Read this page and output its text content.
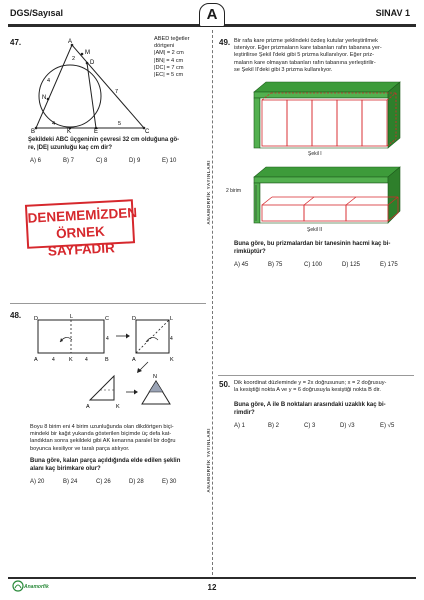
DGS/Sayısal	A	SINAV 1
ANAMORFİK YAYINLARI
ANAMORFİK YAYINLARI
47.	A
M
D
N
B	K	E	C
2
4
4
7
5
ABED teğetler
dörtgeni
|AM| = 2 cm
|BN| = 4 cm
|DC| = 7 cm
|EC| = 5 cm
Şekildeki ABC üçgeninin çevresi 32 cm olduğuna gö-
re, |DE| uzunluğu kaç cm dir?
A) 6	B) 7	C) 8	D) 9	E) 10
DENEMEMİZDEN
ÖRNEK SAYFADIR
48. D	L	C
A	K	B
4
4	4
D	L
A	K
4
A	K
N
Boyu 8 birim eni 4 birim uzunluğunda olan dikdörtgen biçi-
mindeki bir kağıt yukarıda gösterilen biçimde üç defa kat-
landıktan sonra şekildeki gibi AK kenarına paralel bir doğru
boyunca kesiliyor ve taralı parça atılıyor.
Buna göre, kalan parça açıldığında elde edilen şeklin
alanı kaç birimkare olur?
A) 20	B) 24	C) 26	D) 28	E) 30
49. Bir rafa kare prizme şeklindeki özdeş kutular yerleştirilmek
isteniyor. Eğer prizmaların kare tabanları rafın tabanına yer-
leştirilirse Şekil I'deki gibi 5 prizma kullanılıyor. Eğer priz-
maların kare olmayan tabanları rafın tabanına yerleştirilir-
se Şekil II'deki gibi 3 prizma kullanılıyor.
Şekil I
2 birim
Şekil II
Buna göre, bu prizmalardan bir tanesinin hacmi kaç bi-
rimküptür?
A) 45	B) 75	C) 100	D) 125	E) 175
50. Dik koordinat düzleminde y = 2x doğrusunun; x = 2 doğrusuy-
la kesiştiği nokta A ve y = 6 doğrusuyla kesiştiği nokta B dir.
Buna göre, A ile B noktaları arasındaki uzaklık kaç bi-
rimdir?
A) 1	B) 2	C) 3	D) √3	E) √5
Anamorfik	12
